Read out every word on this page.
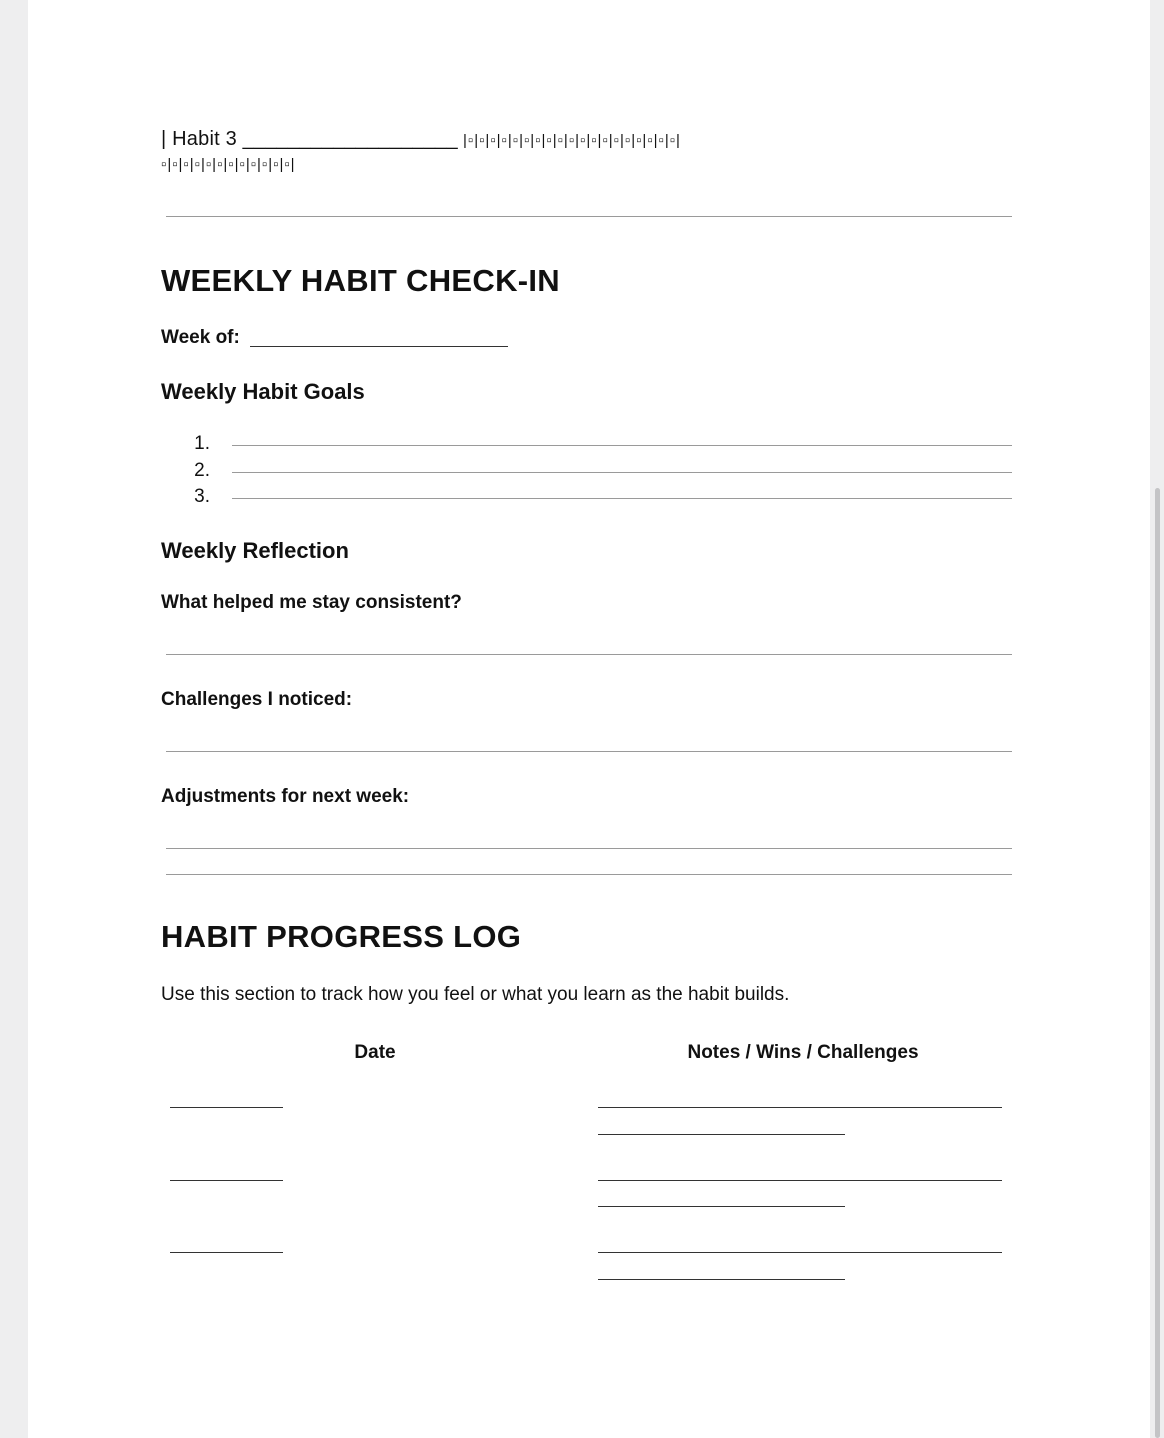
| Habit 3 ___________________ |▫|▫|▫|▫|▫|▫|▫|▫|▫|▫|▫|▫|▫|▫|▫|▫|▫|▫|▫|
▫|▫|▫|▫|▫|▫|▫|▫|▫|▫|▫|▫|
WEEKLY HABIT CHECK-IN
Week of:
Weekly Habit Goals
1.
2.
3.
Weekly Reflection
What helped me stay consistent?
Challenges I noticed:
Adjustments for next week:
HABIT PROGRESS LOG
Use this section to track how you feel or what you learn as the habit builds.
Date	Notes / Wins / Challenges
